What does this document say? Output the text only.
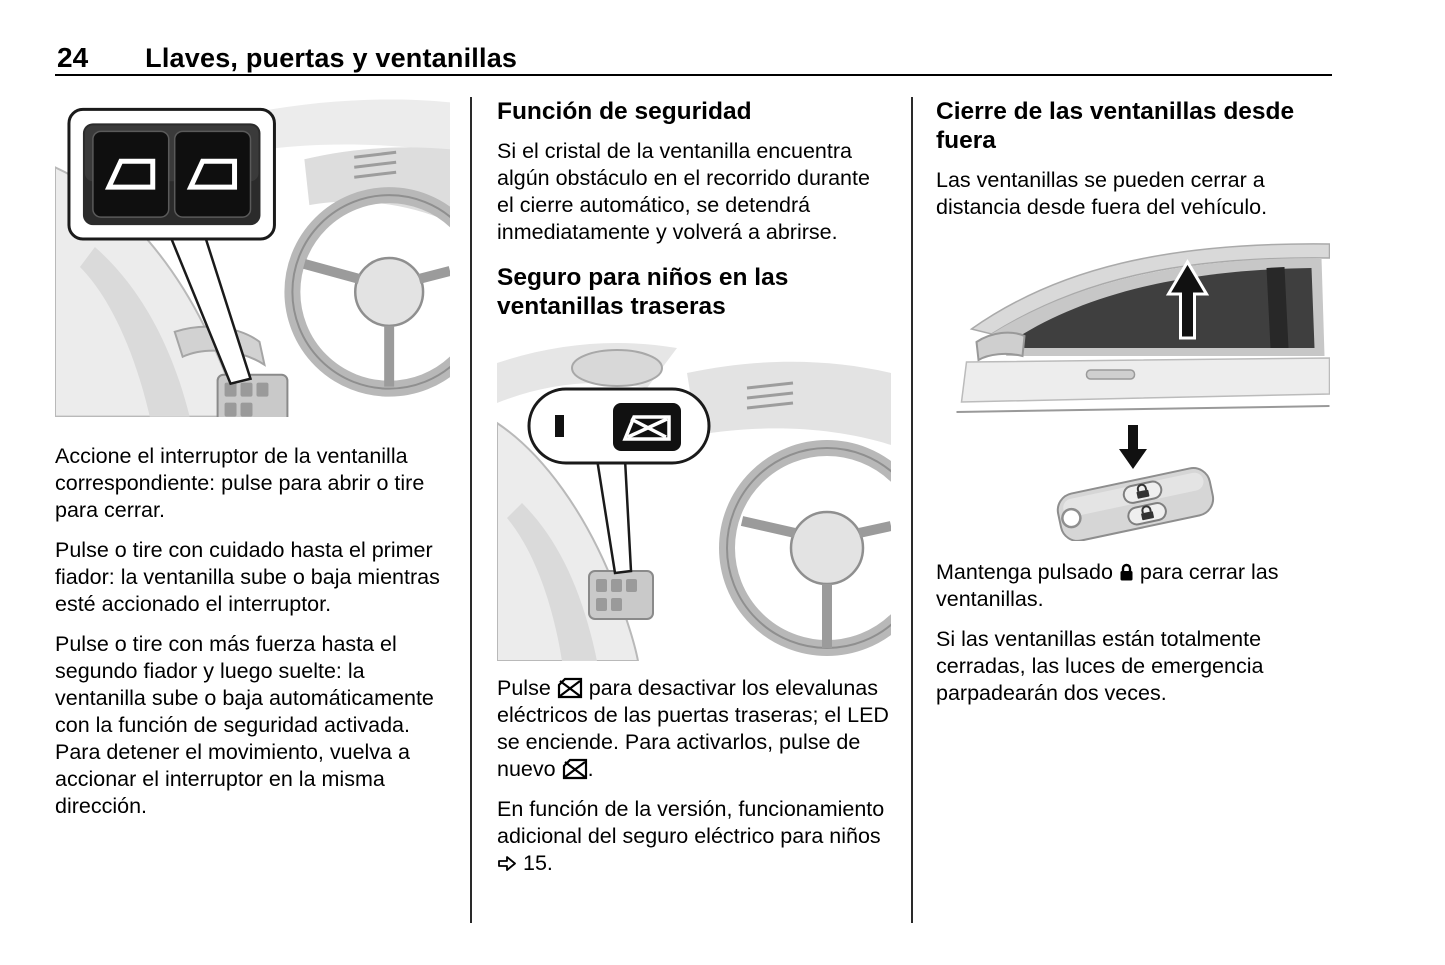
24 Llaves, puertas y ventanillas

Accione el interruptor de la ventanilla correspondiente: pulse para abrir o tire para cerrar.

Pulse o tire con cuidado hasta el primer fiador: la ventanilla sube o baja mientras esté accionado el interruptor.

Pulse o tire con más fuerza hasta el segundo fiador y luego suelte: la ventanilla sube o baja automáticamente con la función de seguridad activada. Para detener el movimiento, vuelva a accionar el interruptor en la misma dirección.

Función de seguridad

Si el cristal de la ventanilla encuentra algún obstáculo en el recorrido durante el cierre automático, se detendrá inmediatamente y volverá a abrirse.

Seguro para niños en las ventanillas traseras

Pulse para desactivar los elevalunas eléctricos de las puertas traseras; el LED se enciende. Para activarlos, pulse de nuevo .

En función de la versión, funcionamiento adicional del seguro eléctrico para niños  15.

Cierre de las ventanillas desde fuera

Las ventanillas se pueden cerrar a distancia desde fuera del vehículo.

Mantenga pulsado para cerrar las ventanillas.

Si las ventanillas están totalmente cerradas, las luces de emergencia parpadearán dos veces.
